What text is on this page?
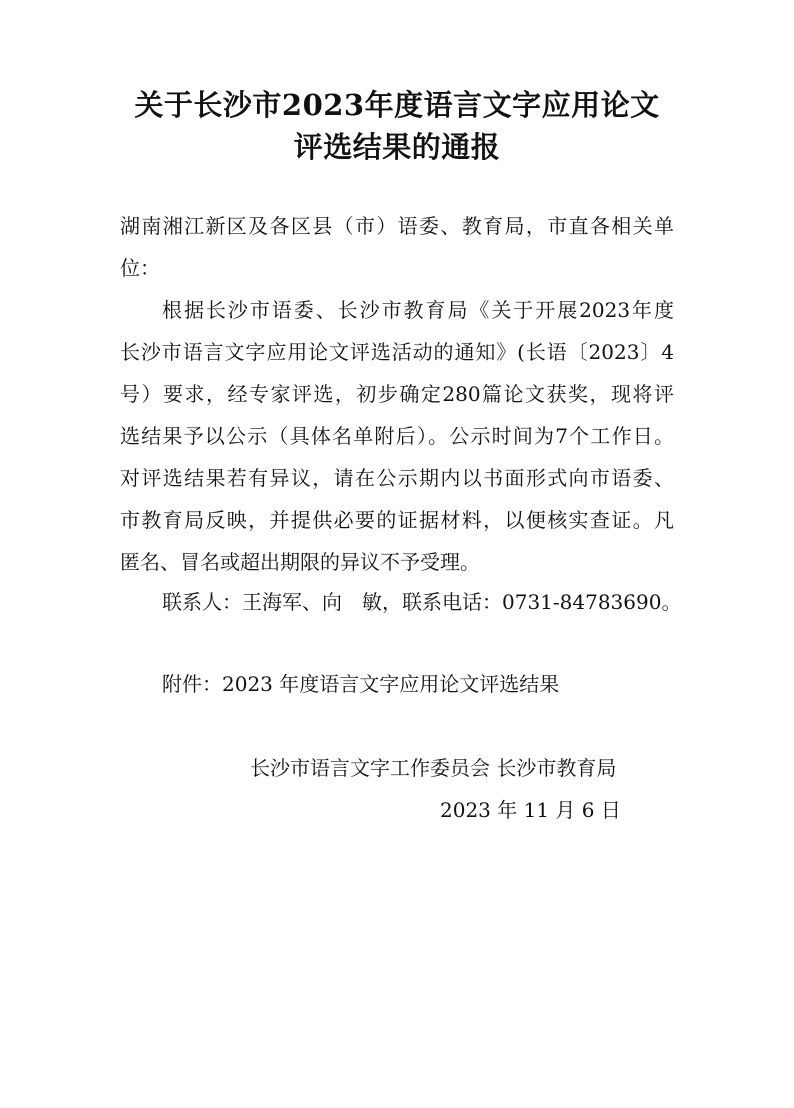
关于长沙市2023年度语言文字应用论文
评选结果的通报
湖南湘江新区及各区县（市）语委、教育局，市直各相关单
位：
根据长沙市语委、长沙市教育局《关于开展2023年度
长沙市语言文字应用论文评选活动的通知》(长语〔2023〕4
号）要求，经专家评选，初步确定280篇论文获奖，现将评
选结果予以公示（具体名单附后）。公示时间为7个工作日。
对评选结果若有异议，请在公示期内以书面形式向市语委、
市教育局反映，并提供必要的证据材料，以便核实查证。凡
匿名、冒名或超出期限的异议不予受理。
联系人：王海军、向　敏，联系电话：0731-84783690。
附件：2023 年度语言文字应用论文评选结果
长沙市语言文字工作委员会 长沙市教育局
2023 年 11 月 6 日
